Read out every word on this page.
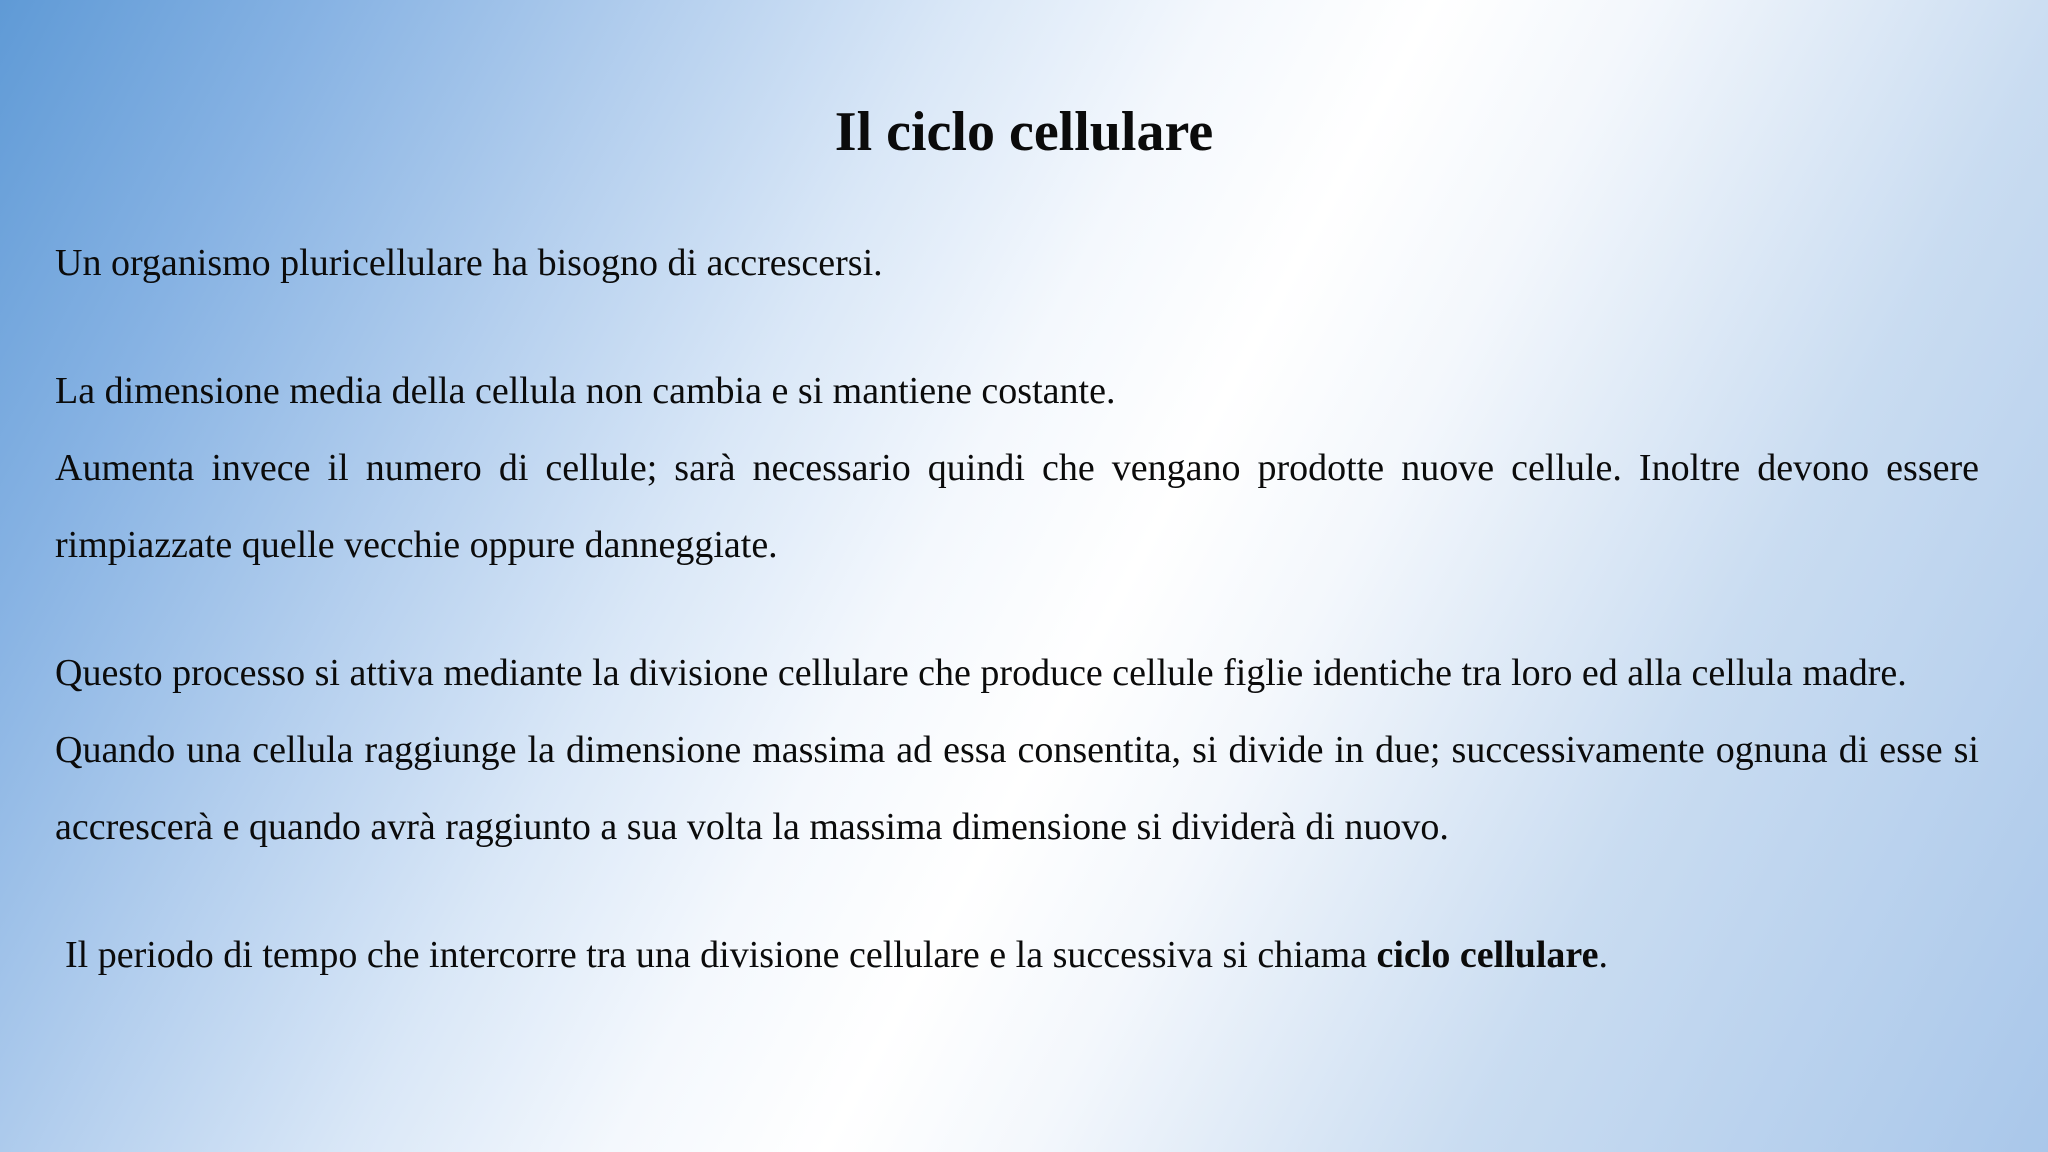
Il ciclo cellulare

Un organismo pluricellulare ha bisogno di accrescersi.

La dimensione media della cellula non cambia e si mantiene costante.

Aumenta invece il numero di cellule; sarà necessario quindi che vengano prodotte nuove cellule. Inoltre devono essere rimpiazzate quelle vecchie oppure danneggiate.

Questo processo si attiva mediante la divisione cellulare che produce cellule figlie identiche tra loro ed alla cellula madre.

Quando una cellula raggiunge la dimensione massima ad essa consentita, si divide in due; successivamente ognuna di esse si accrescerà e quando avrà raggiunto a sua volta la massima dimensione si dividerà di nuovo.

Il periodo di tempo che intercorre tra una divisione cellulare e la successiva si chiama ciclo cellulare.
